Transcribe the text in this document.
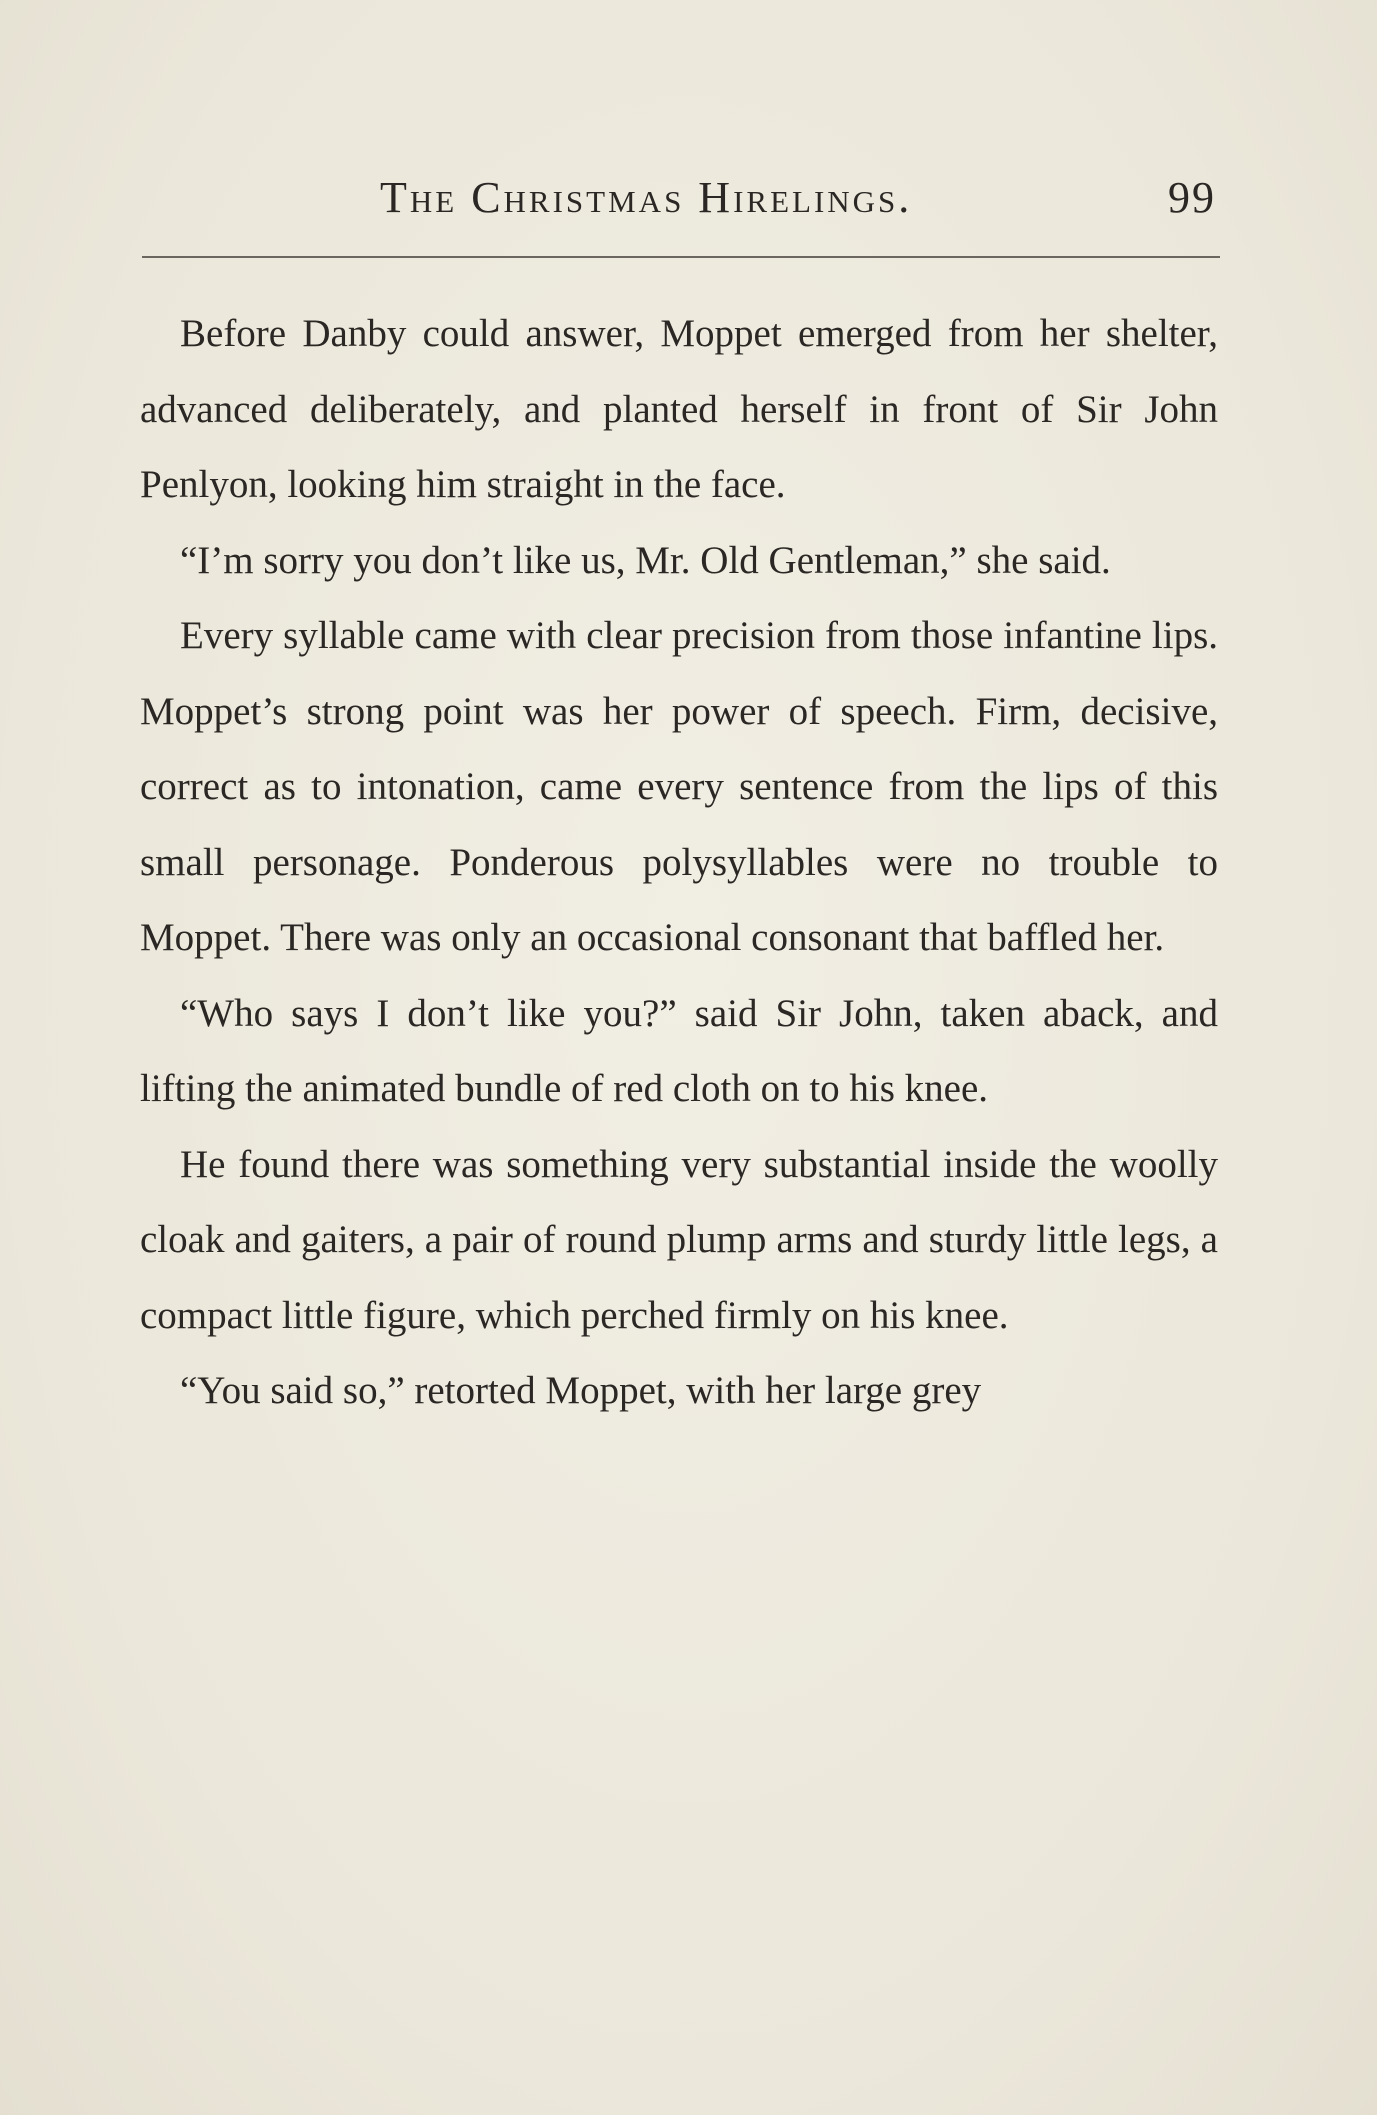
The Christmas Hirelings.	99

Before Danby could answer, Moppet emerged from her shelter, advanced deliberately, and planted herself in front of Sir John Penlyon, looking him straight in the face.

“I’m sorry you don’t like us, Mr. Old Gentleman,” she said.

Every syllable came with clear precision from those infantine lips. Moppet’s strong point was her power of speech. Firm, decisive, correct as to intonation, came every sentence from the lips of this small personage. Ponderous polysyllables were no trouble to Moppet. There was only an occasional consonant that baffled her.

“Who says I don’t like you?” said Sir John, taken aback, and lifting the animated bundle of red cloth on to his knee.

He found there was something very substantial inside the woolly cloak and gaiters, a pair of round plump arms and sturdy little legs, a compact little figure, which perched firmly on his knee.

“You said so,” retorted Moppet, with her large grey
